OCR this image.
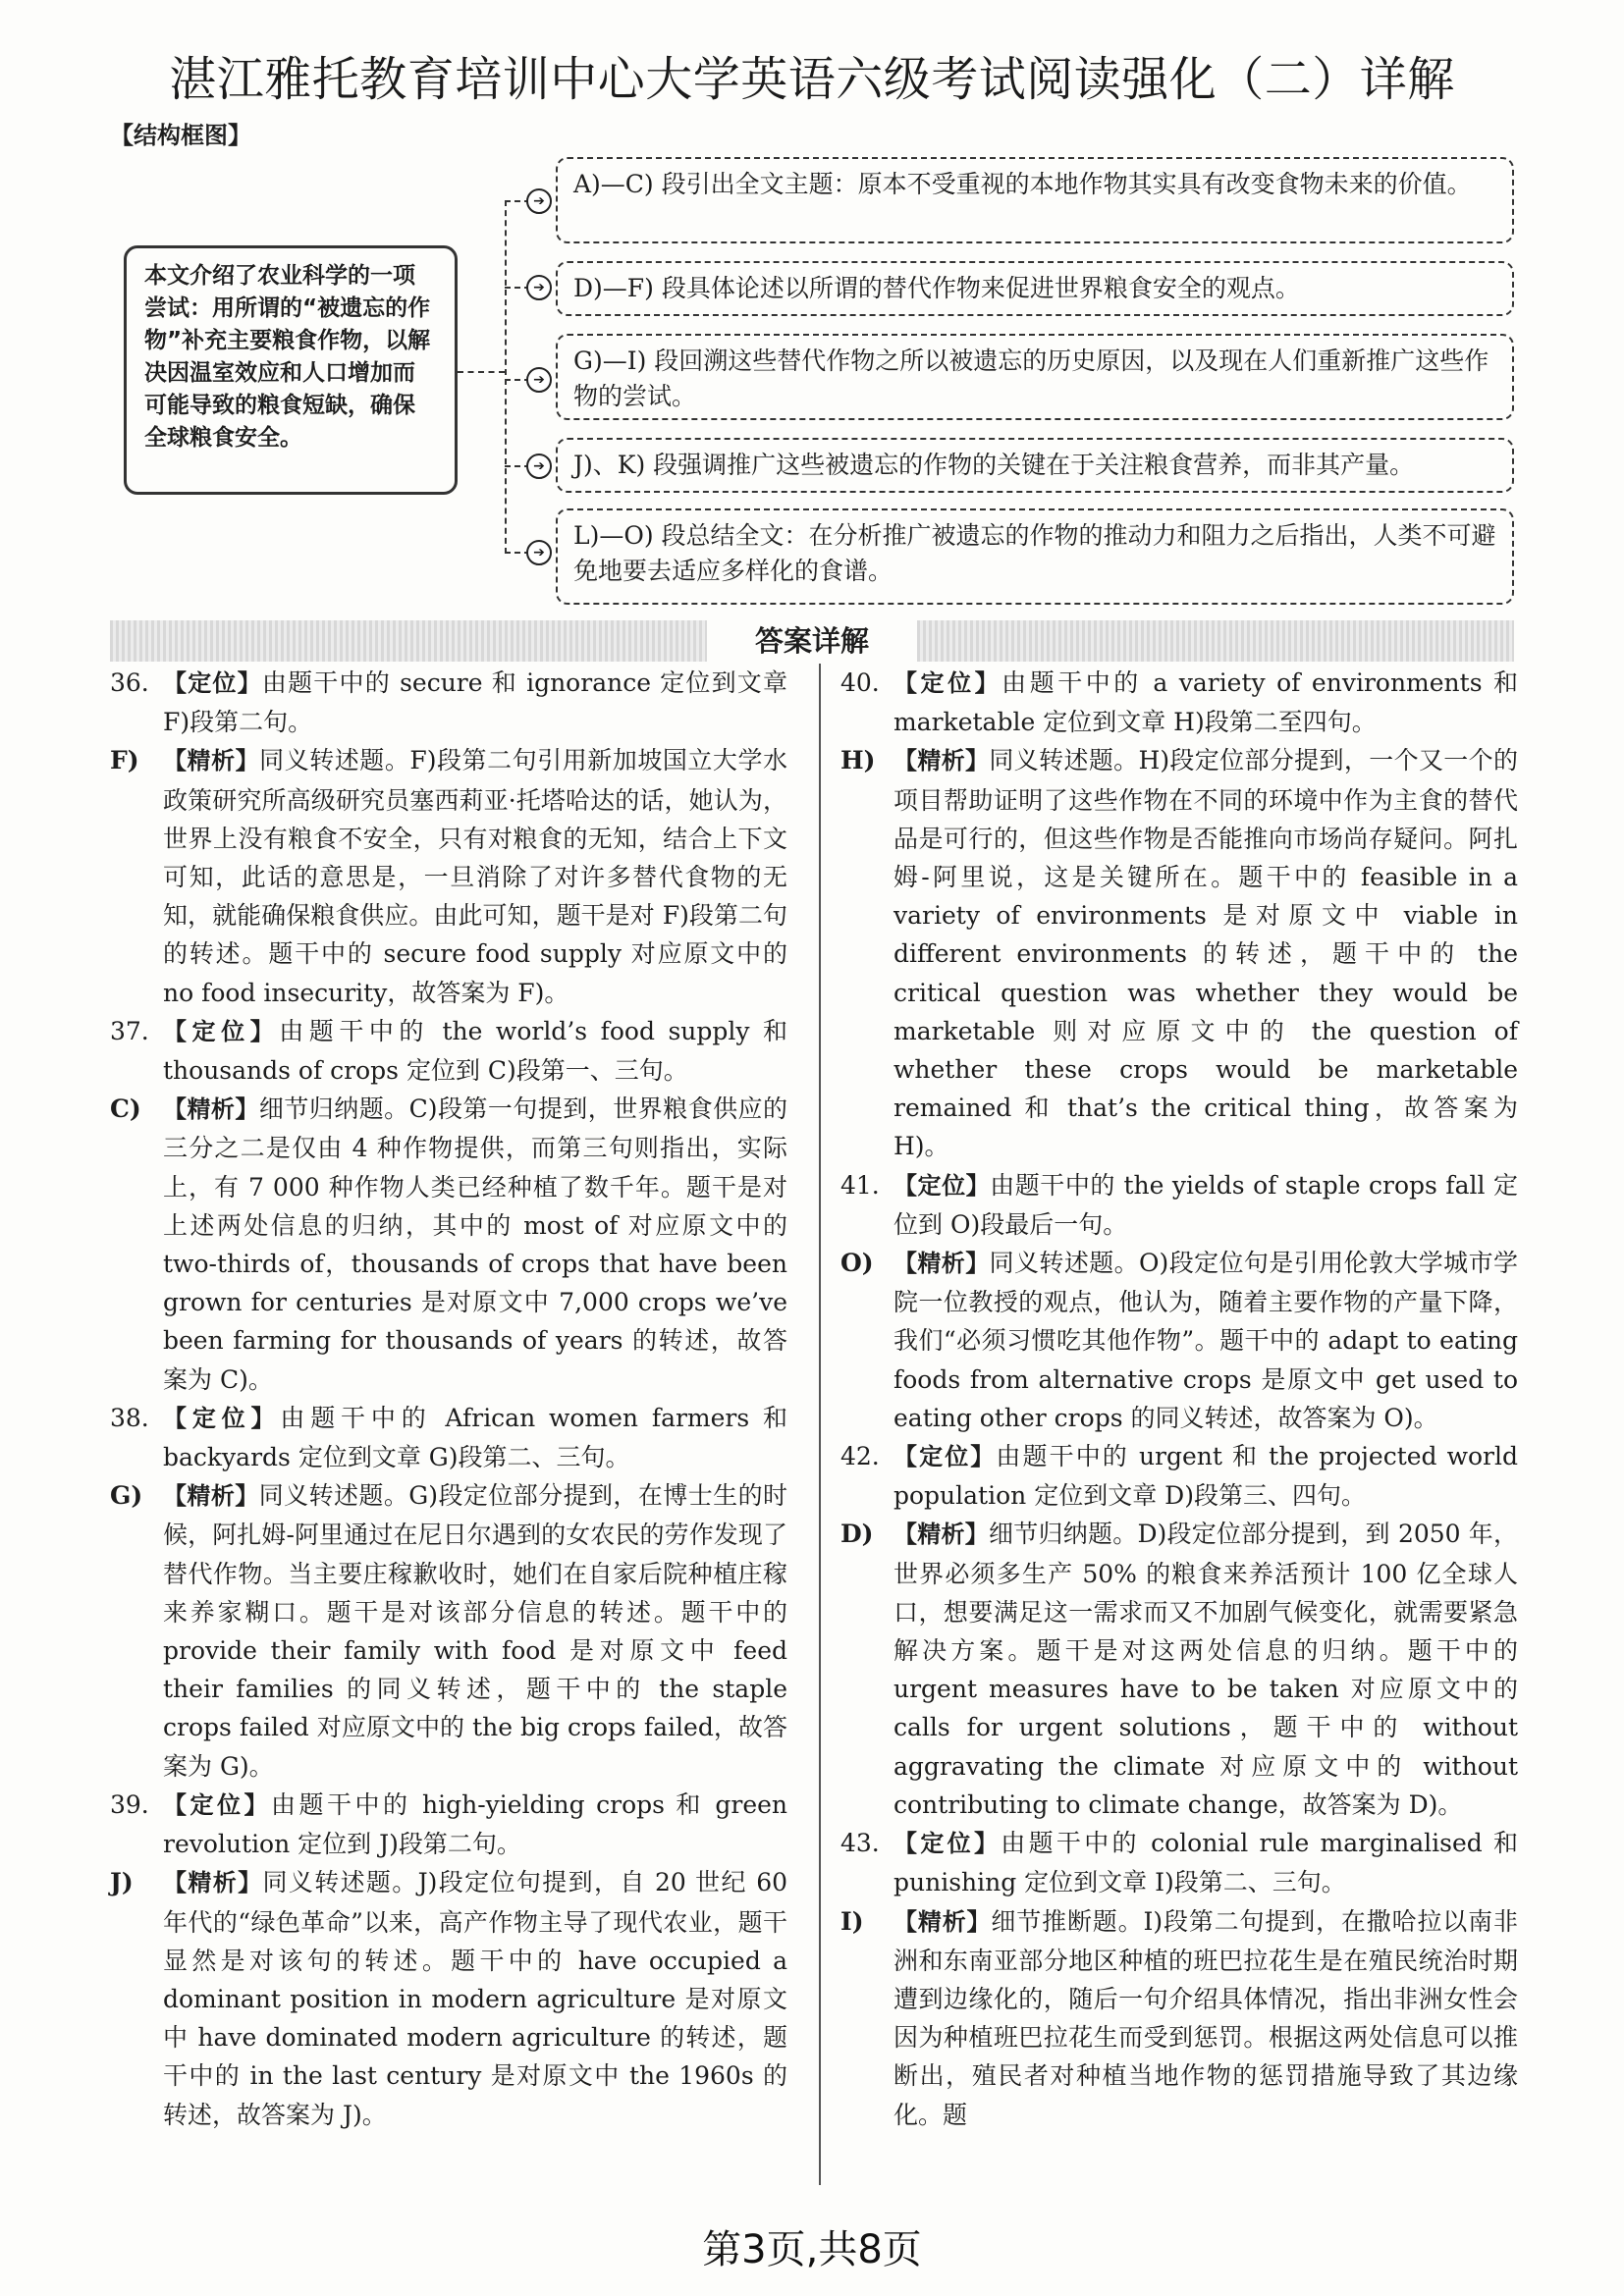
湛江雅托教育培训中心大学英语六级考试阅读强化（二）详解
【结构框图】
本文介绍了农业科学的一项尝试：用所谓的“被遗忘的作物”补充主要粮食作物，以解决因温室效应和人口增加而可能导致的粮食短缺，确保全球粮食安全。
➔
A)—C) 段引出全文主题：原本不受重视的本地作物其实具有改变食物未来的价值。
➔	D)—F) 段具体论述以所谓的替代作物来促进世界粮食安全的观点。
➔
G)—I) 段回溯这些替代作物之所以被遗忘的历史原因，以及现在人们重新推广这些作物的尝试。
➔	J)、K) 段强调推广这些被遗忘的作物的关键在于关注粮食营养，而非其产量。
➔
L)—O) 段总结全文：在分析推广被遗忘的作物的推动力和阻力之后指出，人类不可避免地要去适应多样化的食谱。
答案详解
36. 【定位】由题干中的 secure 和 ignorance 定位到文章 F)段第二句。
F)	【精析】同义转述题。F)段第二句引用新加坡国立大学水政策研究所高级研究员塞西莉亚·托塔哈达的话，她认为，世界上没有粮食不安全，只有对粮食的无知，结合上下文可知，此话的意思是，一旦消除了对许多替代食物的无知，就能确保粮食供应。由此可知，题干是对 F)段第二句的转述。题干中的 secure food supply 对应原文中的 no food insecurity，故答案为 F)。
37. 【定位】由题干中的 the world’s food supply 和 thousands of crops 定位到 C)段第一、三句。
C) 【精析】细节归纳题。C)段第一句提到，世界粮食供应的三分之二是仅由 4 种作物提供，而第三句则指出，实际上，有 7 000 种作物人类已经种植了数千年。题干是对上述两处信息的归纳，其中的 most of 对应原文中的 two-thirds of，thousands of crops that have been grown for centuries 是对原文中 7,000 crops we’ve been farming for thousands of years 的转述，故答案为 C)。
38. 【定位】由题干中的 African women farmers 和 backyards 定位到文章 G)段第二、三句。
G) 【精析】同义转述题。G)段定位部分提到，在博士生的时候，阿扎姆-阿里通过在尼日尔遇到的女农民的劳作发现了替代作物。当主要庄稼歉收时，她们在自家后院种植庄稼来养家糊口。题干是对该部分信息的转述。题干中的 provide their family with food 是对原文中 feed their families 的同义转述，题干中的 the staple crops failed 对应原文中的 the big crops failed，故答案为 G)。
39. 【定位】由题干中的 high-yielding crops 和 green revolution 定位到 J)段第二句。
J)	【精析】同义转述题。J)段定位句提到，自 20 世纪 60 年代的“绿色革命”以来，高产作物主导了现代农业，题干显然是对该句的转述。题干中的 have occupied a dominant position in modern agriculture 是对原文中 have dominated modern agriculture 的转述，题干中的 in the last century 是对原文中 the 1960s 的转述，故答案为 J)。
40. 【定位】由题干中的 a variety of environments 和 marketable 定位到文章 H)段第二至四句。
H) 【精析】同义转述题。H)段定位部分提到，一个又一个的项目帮助证明了这些作物在不同的环境中作为主食的替代品是可行的，但这些作物是否能推向市场尚存疑问。阿扎姆-阿里说，这是关键所在。题干中的 feasible in a variety of environments 是对原文中 viable in different environments 的转述，题干中的 the critical question was whether they would be marketable 则对应原文中的 the question of whether these crops would be marketable remained 和 that’s the critical thing，故答案为 H)。
41. 【定位】由题干中的 the yields of staple crops fall 定位到 O)段最后一句。
O) 【精析】同义转述题。O)段定位句是引用伦敦大学城市学院一位教授的观点，他认为，随着主要作物的产量下降，我们“必须习惯吃其他作物”。题干中的 adapt to eating foods from alternative crops 是原文中 get used to eating other crops 的同义转述，故答案为 O)。
42. 【定位】由题干中的 urgent 和 the projected world population 定位到文章 D)段第三、四句。
D) 【精析】细节归纳题。D)段定位部分提到，到 2050 年，世界必须多生产 50% 的粮食来养活预计 100 亿全球人口，想要满足这一需求而又不加剧气候变化，就需要紧急解决方案。题干是对这两处信息的归纳。题干中的 urgent measures have to be taken 对应原文中的 calls for urgent solutions，题干中的 without aggravating the climate 对应原文中的 without contributing to climate change，故答案为 D)。
43. 【定位】由题干中的 colonial rule marginalised 和 punishing 定位到文章 I)段第二、三句。
I)	【精析】细节推断题。I)段第二句提到，在撒哈拉以南非洲和东南亚部分地区种植的班巴拉花生是在殖民统治时期遭到边缘化的，随后一句介绍具体情况，指出非洲女性会因为种植班巴拉花生而受到惩罚。根据这两处信息可以推断出，殖民者对种植当地作物的惩罚措施导致了其边缘化。题
第3页,共8页
